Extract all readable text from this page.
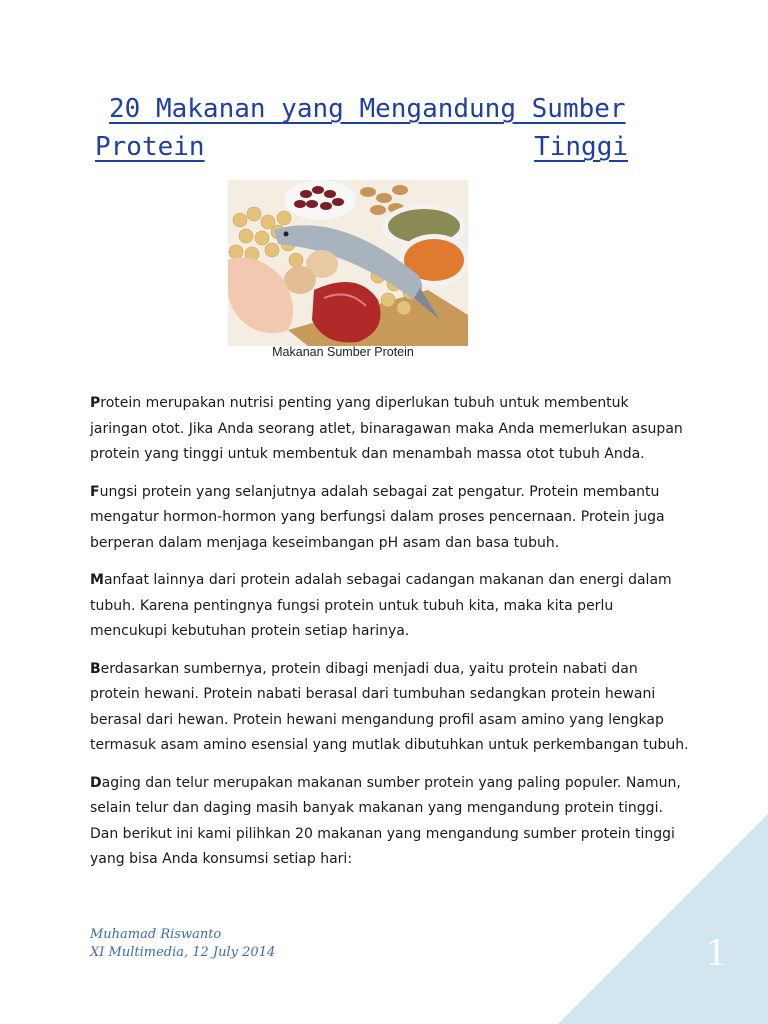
20 Makanan yang Mengandung Sumber
Protein	Tinggi
Makanan Sumber Protein

Protein merupakan nutrisi penting yang diperlukan tubuh untuk membentuk jaringan otot. Jika Anda seorang atlet, binaragawan maka Anda memerlukan asupan protein yang tinggi untuk membentuk dan menambah massa otot tubuh Anda.

Fungsi protein yang selanjutnya adalah sebagai zat pengatur. Protein membantu mengatur hormon-hormon yang berfungsi dalam proses pencernaan. Protein juga berperan dalam menjaga keseimbangan pH asam dan basa tubuh.

Manfaat lainnya dari protein adalah sebagai cadangan makanan dan energi dalam tubuh. Karena pentingnya fungsi protein untuk tubuh kita, maka kita perlu mencukupi kebutuhan protein setiap harinya.

Berdasarkan sumbernya, protein dibagi menjadi dua, yaitu protein nabati dan protein hewani. Protein nabati berasal dari tumbuhan sedangkan protein hewani berasal dari hewan. Protein hewani mengandung profil asam amino yang lengkap termasuk asam amino esensial yang mutlak dibutuhkan untuk perkembangan tubuh.

Daging dan telur merupakan makanan sumber protein yang paling populer. Namun, selain telur dan daging masih banyak makanan yang mengandung protein tinggi. Dan berikut ini kami pilihkan 20 makanan yang mengandung sumber protein tinggi yang bisa Anda konsumsi setiap hari:

Muhamad Riswanto
XI Multimedia, 12 July 2014	1
